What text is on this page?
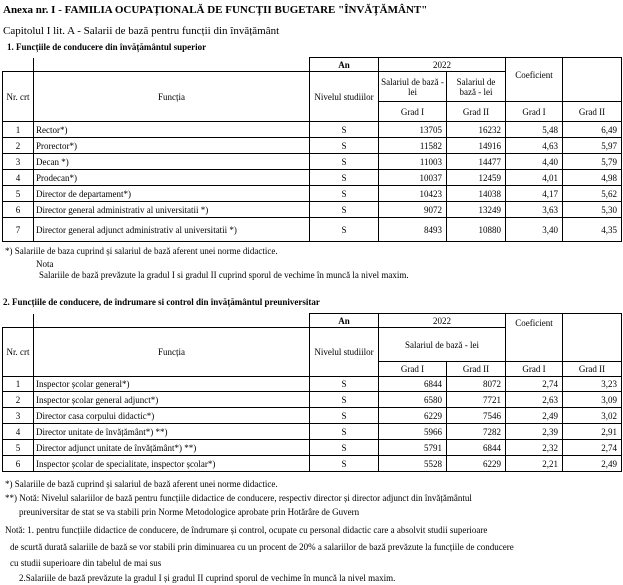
Anexa nr. I - FAMILIA OCUPAȚIONALĂ DE FUNCȚII BUGETARE "ÎNVĂȚĂMÂNT"
Capitolul I lit. A - Salarii de bază pentru funcții din învățământ
1. Funcțiile de conducere din învățământul superior
		An	2022		Coeficient	
Nr. crt	Funcția	Nivelul studiilor	Salariul de bază - lei	Salariul de bază - lei		
			Grad I	Grad II	Grad I	Grad II
1	Rector*)	S	13705	16232	5,48	6,49
2	Prorector*)	S	11582	14916	4,63	5,97
3	Decan *)	S	11003	14477	4,40	5,79
4	Prodecan*)	S	10037	12459	4,01	4,98
5	Director de departament*)	S	10423	14038	4,17	5,62
6	Director general administrativ al universitatii *)	S	9072	13249	3,63	5,30
7	Director general adjunct administrativ al universitatii *)	S	8493	10880	3,40	4,35
*) Salariile de baza cuprind și salariul de bază aferent unei norme didactice.
Nota
Salariile de bază prevăzute la gradul I si gradul II cuprind sporul de vechime în muncă la nivel maxim.
2. Funcțiile de conducere, de îndrumare si control din învățământul preuniversitar
		An	2022		Coeficient	
Nr. crt	Funcția	Nivelul studiilor	Salariul de bază - lei			
			Grad I	Grad II	Grad I	Grad II
1	Inspector școlar general*)	S	6844	8072	2,74	3,23
2	Inspector școlar general adjunct*)	S	6580	7721	2,63	3,09
3	Director casa corpului didactic*)	S	6229	7546	2,49	3,02
4	Director unitate de învățământ*) **)	S	5966	7282	2,39	2,91
5	Director adjunct unitate de învățământ*) **)	S	5791	6844	2,32	2,74
6	Inspector școlar de specialitate, inspector școlar*)	S	5528	6229	2,21	2,49
*) Salariile de bază cuprind și salariul de bază aferent unei norme didactice.
**) Notă: Nivelul salariilor de bază pentru funcțiile didactice de conducere, respectiv director și director adjunct din învățământul
preuniversitar de stat se va stabili prin Norme Metodologice aprobate prin Hotărâre de Guvern
Notă: 1. pentru funcțiile didactice de conducere, de îndrumare și control, ocupate cu personal didactic care a absolvit studii superioare
de scurtă durată salariile de bază se vor stabili prin diminuarea cu un procent de 20% a salariilor de bază prevăzute la funcțiile de conducere
cu studii superioare din tabelul de mai sus
2.Salariile de bază prevăzute la gradul I și gradul II cuprind sporul de vechime în muncă la nivel maxim.
